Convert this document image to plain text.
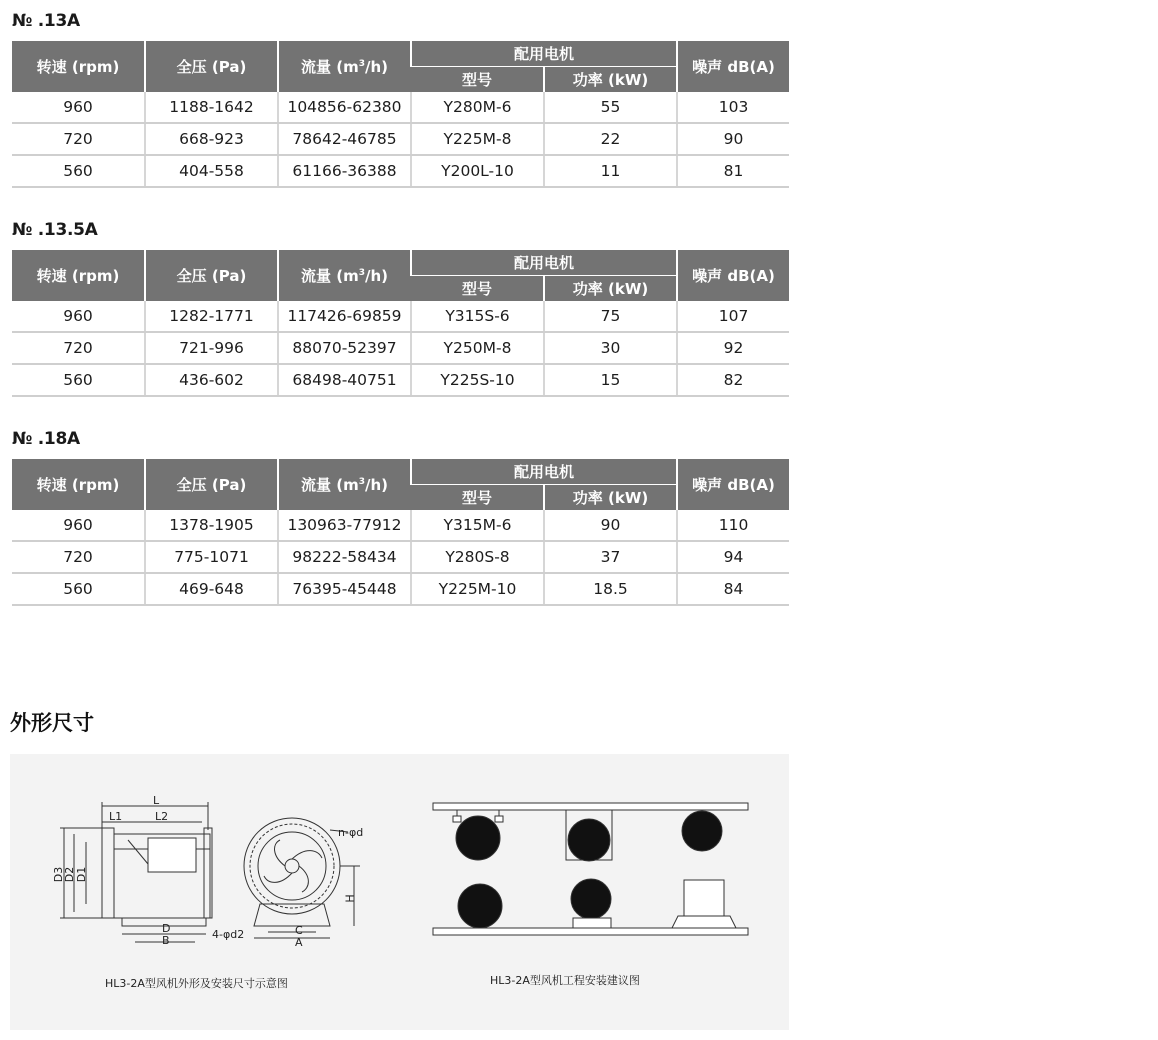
№ .13A
转速 (rpm)	全压 (Pa)	流量 $(m^3/h)$	配用电机		噪声 dB(A)
			型号	功率 (kW)	
960	1188-1642	104856-62380	Y280M-6	55	103
720	668-923	78642-46785	Y225M-8	22	90
560	404-558	61166-36388	Y200L-10	11	81
№ .13.5A
转速 (rpm)	全压 (Pa)	流量 $(m^3/h)$	配用电机		噪声 dB(A)
			型号	功率 (kW)	
960	1282-1771	117426-69859	Y315S-6	75	107
720	721-996	88070-52397	Y250M-8	30	92
560	436-602	68498-40751	Y225S-10	15	82
№ .18A
转速 (rpm)	全压 (Pa)	流量 $(m^3/h)$	配用电机		噪声 dB(A)
			型号	功率 (kW)	
960	1378-1905	130963-77912	Y315M-6	90	110
720	775-1071	98222-58434	Y280S-8	37	94
560	469-648	76395-45448	Y225M-10	18.5	84
外形尺寸
L
L2
L1
D3
D2 D1
D
B	4-φd2
n-φd
H
C
A
HL3-2A型风机外形及安装尺寸示意图	HL3-2A型风机工程安装建议图
